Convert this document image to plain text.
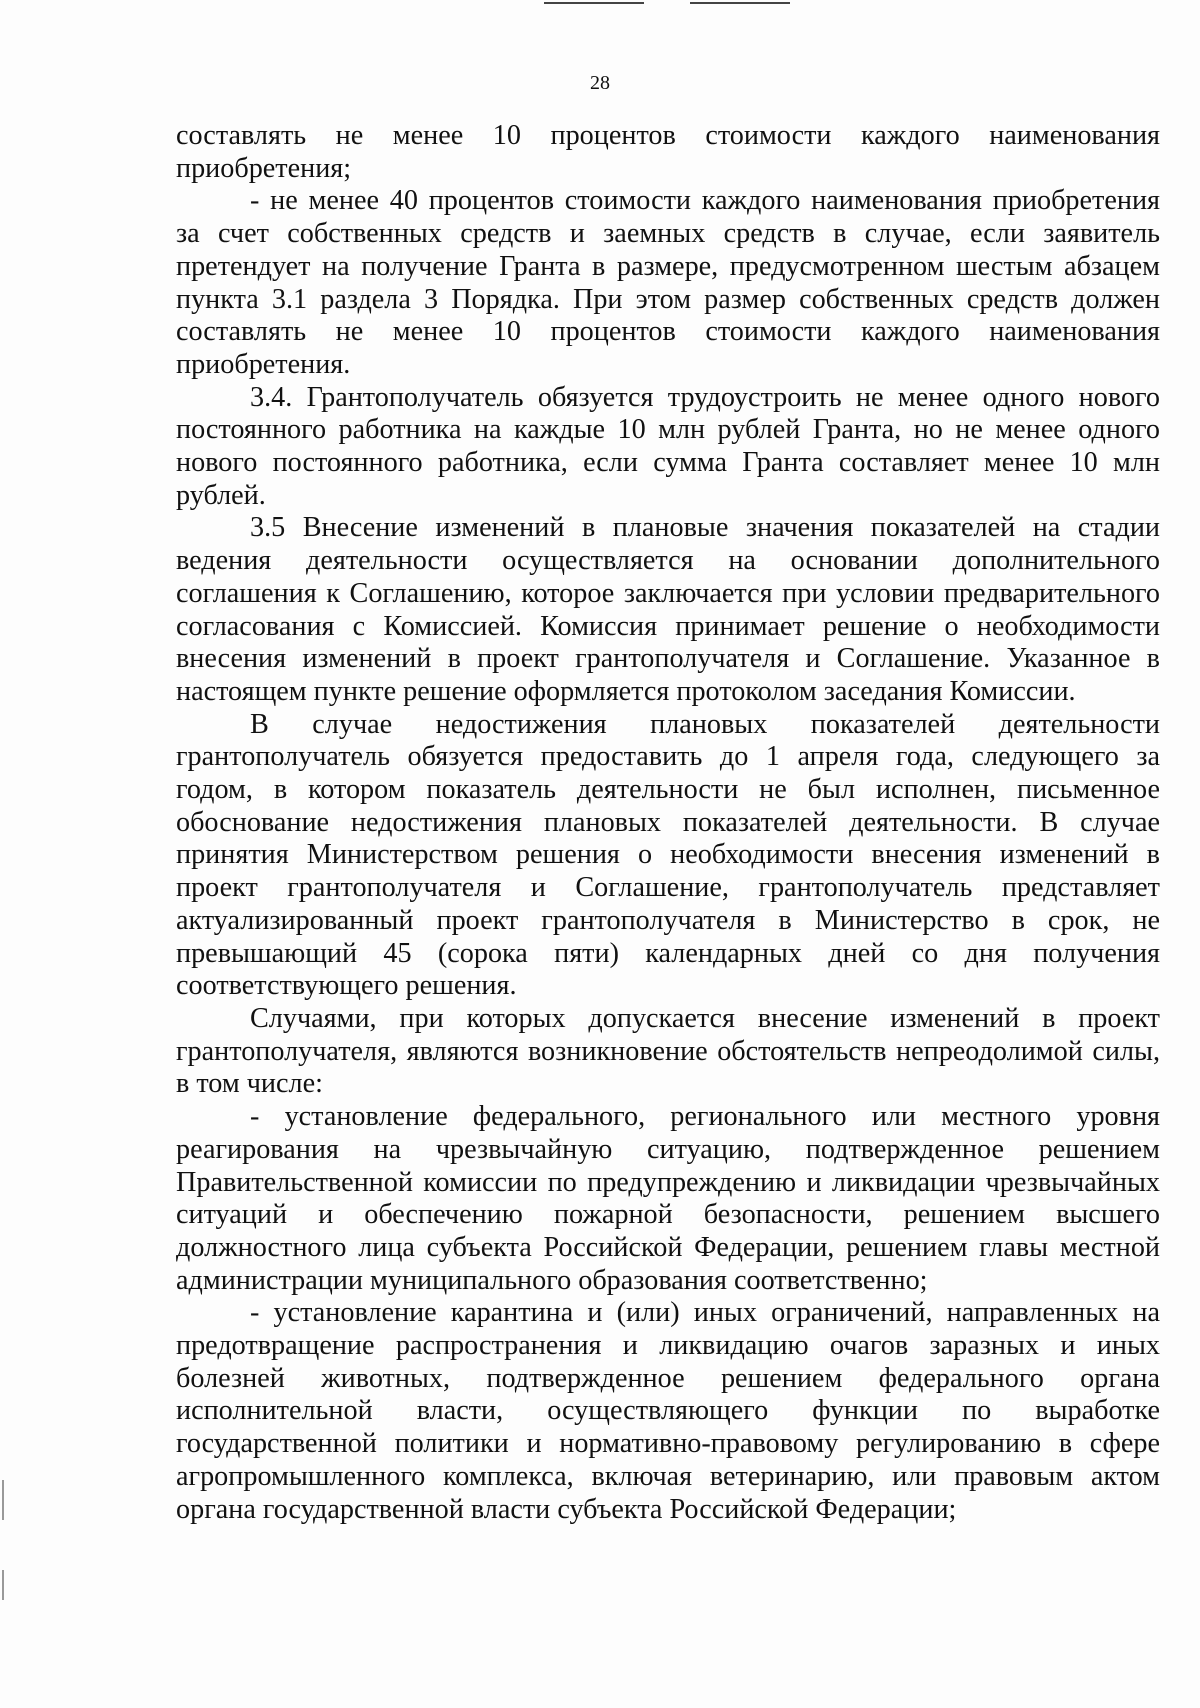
28

составлять не менее 10 процентов стоимости каждого наименования приобретения;

- не менее 40 процентов стоимости каждого наименования приобретения за счет собственных средств и заемных средств в случае, если заявитель претендует на получение Гранта в размере, предусмотренном шестым абзацем пункта 3.1 раздела 3 Порядка. При этом размер собственных средств должен составлять не менее 10 процентов стоимости каждого наименования приобретения.

3.4. Грантополучатель обязуется трудоустроить не менее одного нового постоянного работника на каждые 10 млн рублей Гранта, но не менее одного нового постоянного работника, если сумма Гранта составляет менее 10 млн рублей.

3.5 Внесение изменений в плановые значения показателей на стадии ведения деятельности осуществляется на основании дополнительного соглашения к Соглашению, которое заключается при условии предварительного согласования с Комиссией. Комиссия принимает решение о необходимости внесения изменений в проект грантополучателя и Соглашение. Указанное в настоящем пункте решение оформляется протоколом заседания Комиссии.

В случае недостижения плановых показателей деятельности грантополучатель обязуется предоставить до 1 апреля года, следующего за годом, в котором показатель деятельности не был исполнен, письменное обоснование недостижения плановых показателей деятельности. В случае принятия Министерством решения о необходимости внесения изменений в проект грантополучателя и Соглашение, грантополучатель представляет актуализированный проект грантополучателя в Министерство в срок, не превышающий 45 (сорока пяти) календарных дней со дня получения соответствующего решения.

Случаями, при которых допускается внесение изменений в проект грантополучателя, являются возникновение обстоятельств непреодолимой силы, в том числе:

- установление федерального, регионального или местного уровня реагирования на чрезвычайную ситуацию, подтвержденное решением Правительственной комиссии по предупреждению и ликвидации чрезвычайных ситуаций и обеспечению пожарной безопасности, решением высшего должностного лица субъекта Российской Федерации, решением главы местной администрации муниципального образования соответственно;

- установление карантина и (или) иных ограничений, направленных на предотвращение распространения и ликвидацию очагов заразных и иных болезней животных, подтвержденное решением федерального органа исполнительной власти, осуществляющего функции по выработке государственной политики и нормативно-правовому регулированию в сфере агропромышленного комплекса, включая ветеринарию, или правовым актом органа государственной власти субъекта Российской Федерации;
